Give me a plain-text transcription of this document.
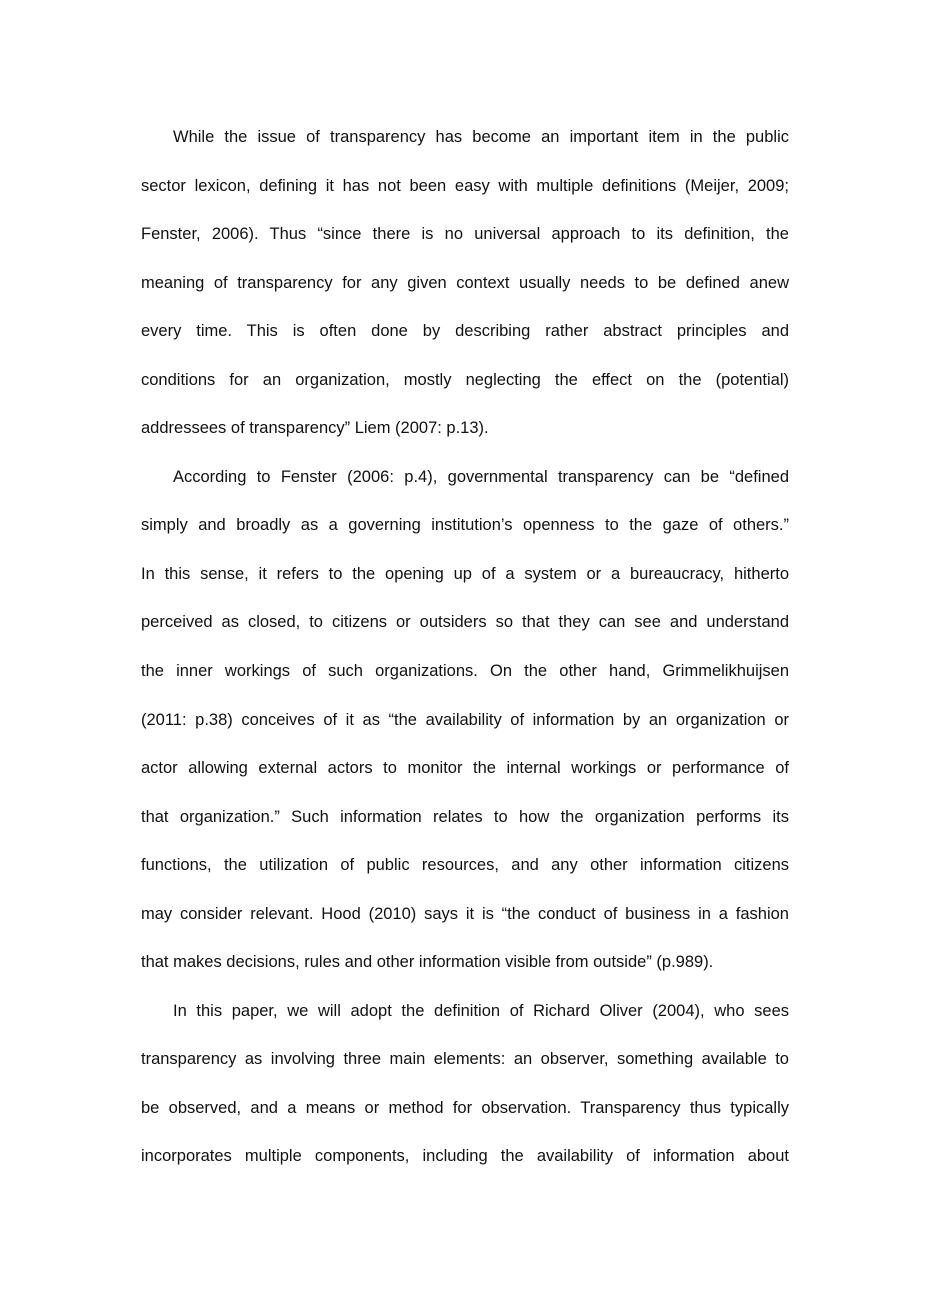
While the issue of transparency has become an important item in the public
sector lexicon, defining it has not been easy with multiple definitions (Meijer, 2009;
Fenster, 2006). Thus “since there is no universal approach to its definition, the
meaning of transparency for any given context usually needs to be defined anew
every time. This is often done by describing rather abstract principles and
conditions for an organization, mostly neglecting the effect on the (potential)
addressees of transparency” Liem (2007: p.13).
According to Fenster (2006: p.4), governmental transparency can be “defined
simply and broadly as a governing institution’s openness to the gaze of others.”
In this sense, it refers to the opening up of a system or a bureaucracy, hitherto
perceived as closed, to citizens or outsiders so that they can see and understand
the inner workings of such organizations. On the other hand, Grimmelikhuijsen
(2011: p.38) conceives of it as “the availability of information by an organization or
actor allowing external actors to monitor the internal workings or performance of
that organization.” Such information relates to how the organization performs its
functions, the utilization of public resources, and any other information citizens
may consider relevant. Hood (2010) says it is “the conduct of business in a fashion
that makes decisions, rules and other information visible from outside” (p.989).
In this paper, we will adopt the definition of Richard Oliver (2004), who sees
transparency as involving three main elements: an observer, something available to
be observed, and a means or method for observation. Transparency thus typically
incorporates multiple components, including the availability of information about
